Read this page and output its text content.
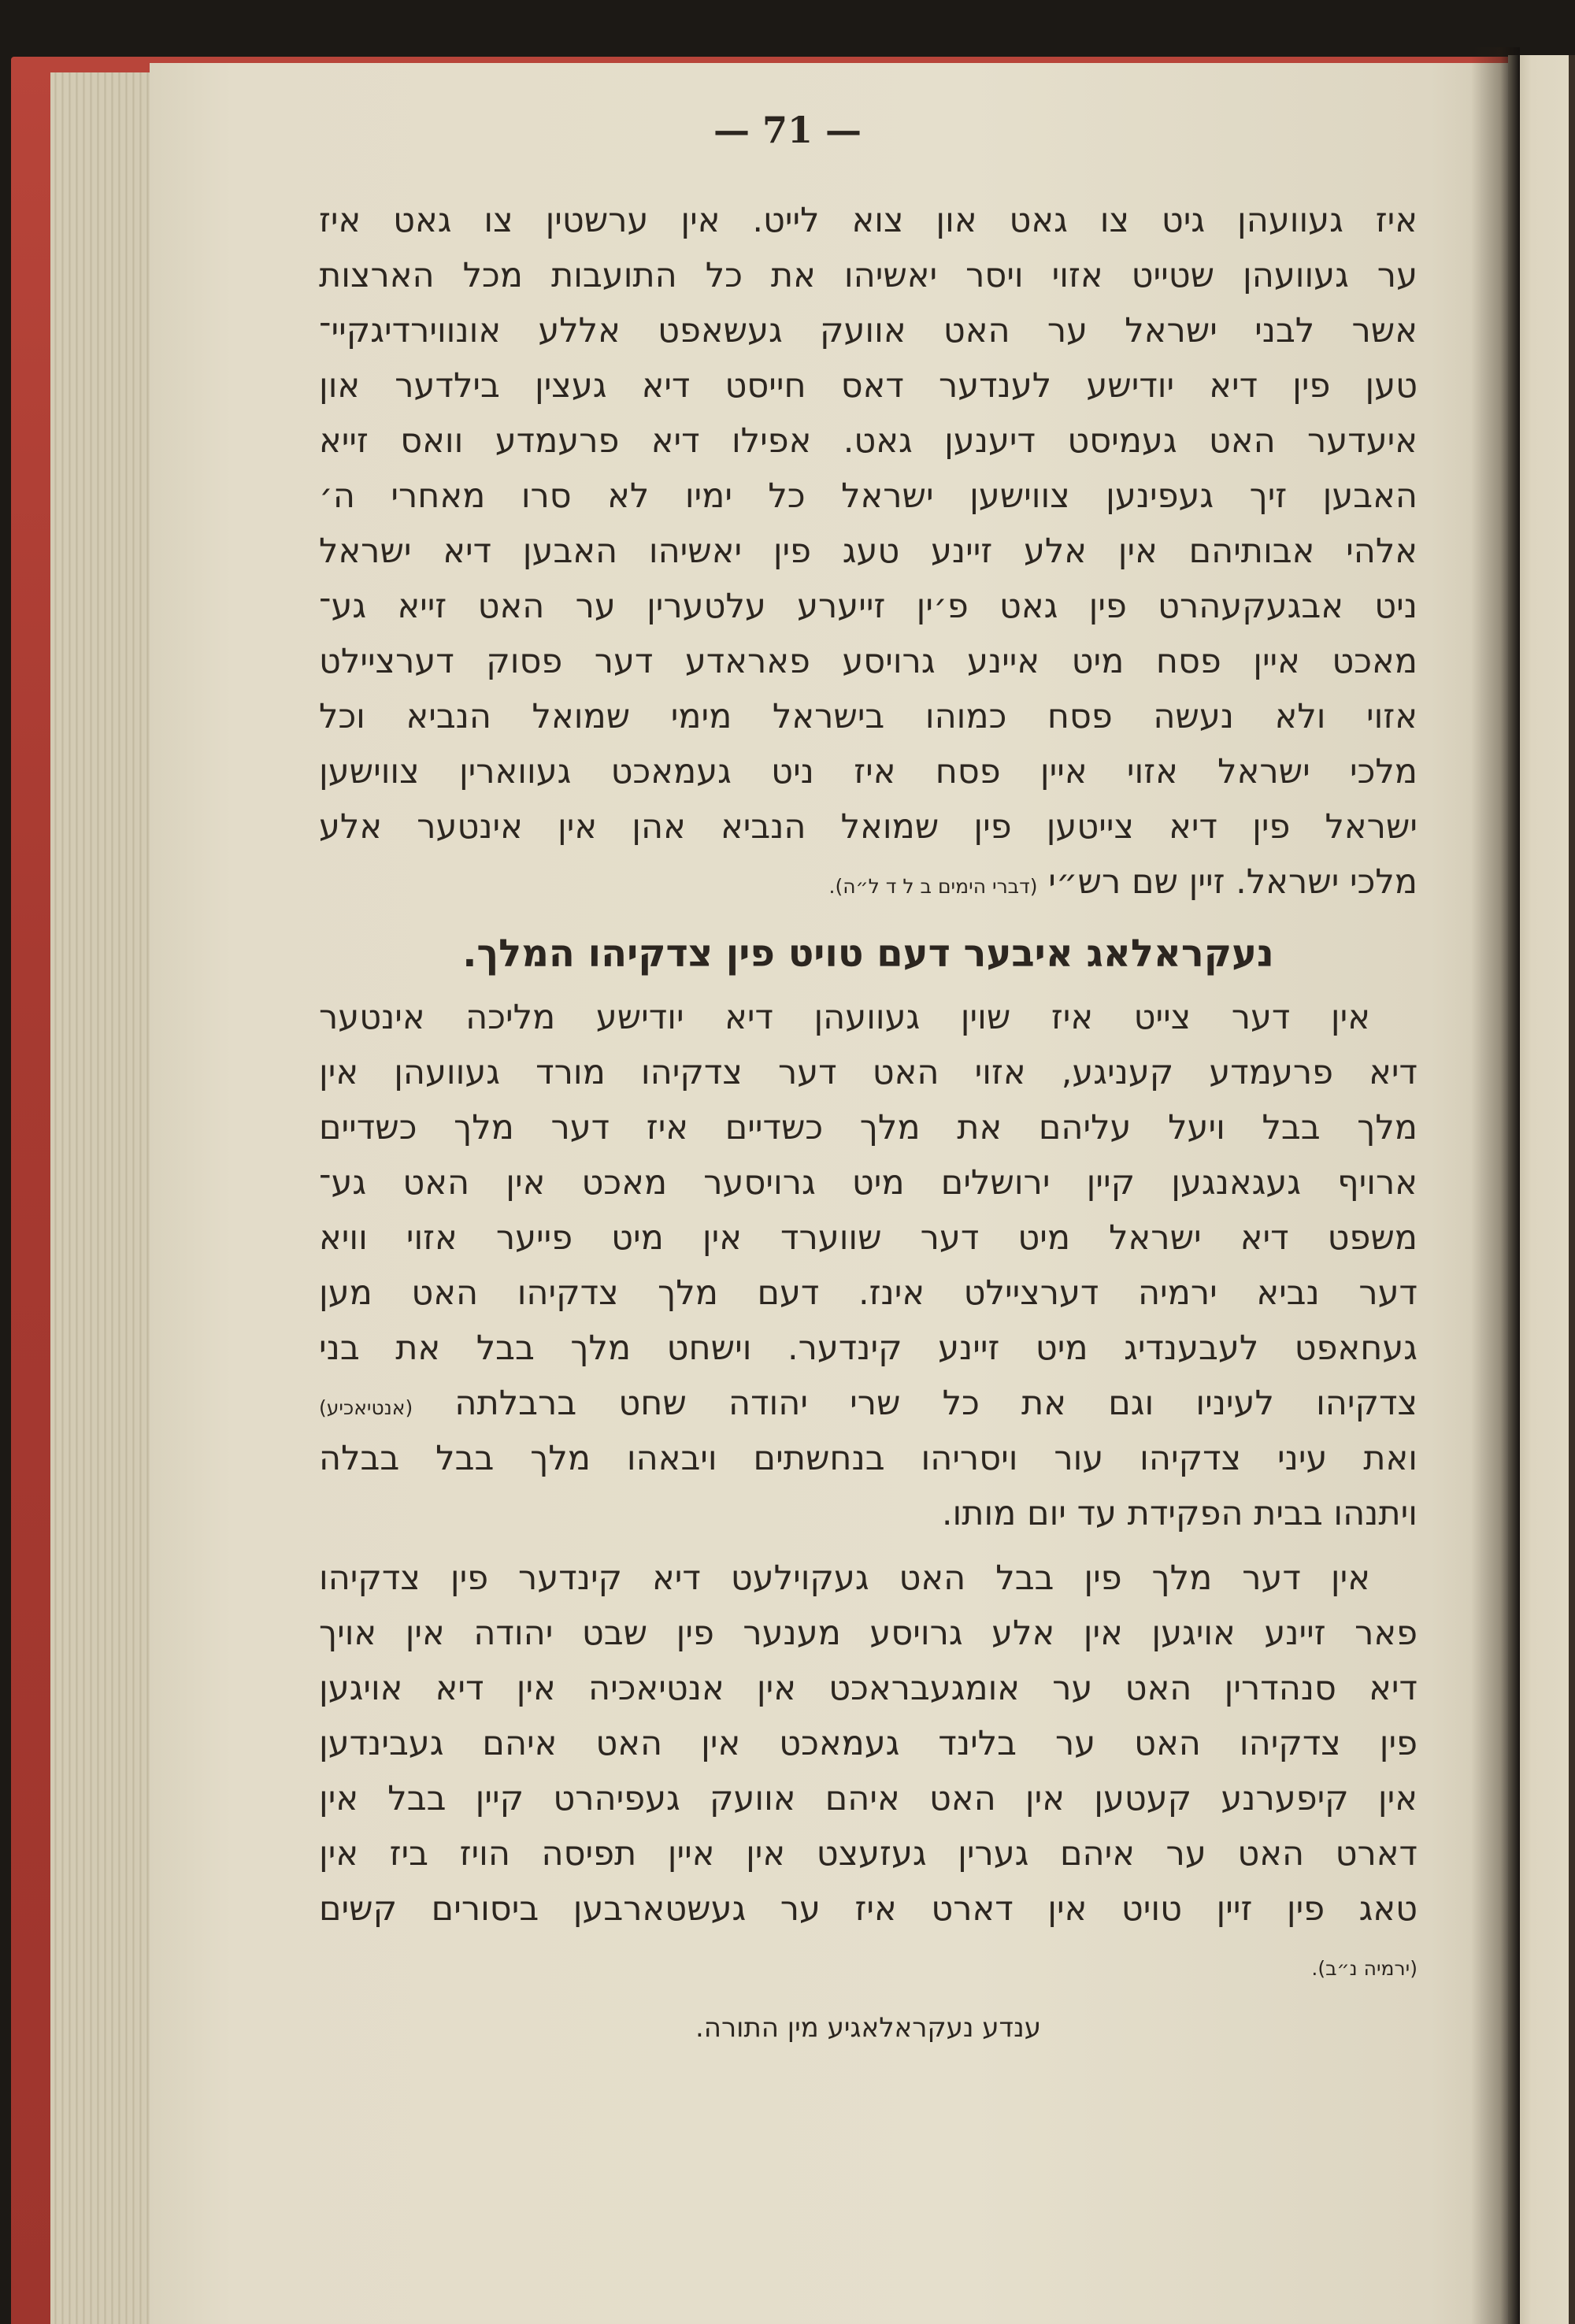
— 71 —
איז געוועהן גיט צו גאט און צוא לייט. אין ערשטין צו גאט איז
ער געוועהן שטייט אזוי ויסר יאשיהו את כל התועבות מכל הארצות
אשר לבני ישראל ער האט אוועק געשאפט אללע אונווירדיגקיי־
טען פין דיא יודישע לענדער דאס חייסט דיא געצין בילדער און
איעדער האט געמיסט דיענען גאט. אפילו דיא פרעמדע וואס זייא
האבען זיך געפינען צווישען ישראל כל ימיו לא סרו מאחרי ה׳
אלהי אבותיהם אין אלע זיינע טעג פין יאשיהו האבען דיא ישראל
ניט אבגעקעהרט פין גאט פ׳ין זייערע עלטערין ער האט זייא גע־
מאכט איין פסח מיט איינע גרויסע פאראדע דער פסוק דערציילט
אזוי ולא נעשה פסח כמוהו בישראל מימי שמואל הנביא וכל
מלכי ישראל אזוי איין פסח איז ניט געמאכט געווארין צווישען
ישראל פין דיא צייטען פין שמואל הנביא אהן אין אינטער אלע
מלכי ישראל. זיין שם רש״י (דברי הימים ב ל ד ל״ה).
נעקראלאג איבער דעם טויט פין צדקיהו המלך.
אין דער צייט איז שוין געוועהן דיא יודישע מליכה אינטער
דיא פרעמדע קעניגע, אזוי האט דער צדקיהו מורד געוועהן אין
מלך בבל ויעל עליהם את מלך כשדיים איז דער מלך כשדיים
ארויף געגאנגען קיין ירושלים מיט גרויסער מאכט אין האט גע־
משפט דיא ישראל מיט דער שווערד אין מיט פייער אזוי וויא
דער נביא ירמיה דערציילט אינז. דעם מלך צדקיהו האט מען
געחאפט לעבענדיג מיט זיינע קינדער. וישחט מלך בבל את בני
צדקיהו לעיניו וגם את כל שרי יהודה שחט ברבלתה (אנטיאכיע)
ואת עיני צדקיהו עור ויסריהו בנחשתים ויבאהו מלך בבל בבלה
ויתנהו בבית הפקידת עד יום מותו.
אין דער מלך פין בבל האט געקוילעט דיא קינדער פין צדקיהו
פאר זיינע אויגען אין אלע גרויסע מענער פין שבט יהודה אין אויך
דיא סנהדרין האט ער אומגעבראכט אין אנטיאכיה אין דיא אויגען
פין צדקיהו האט ער בלינד געמאכט אין האט איהם געבינדען
אין קיפערנע קעטען אין האט איהם אוועק געפיהרט קיין בבל אין
דארט האט ער איהם גערין געזעצט אין איין תפיסה הויז ביז אין
טאג פין זיין טויט אין דארט איז ער געשטארבען ביסורים קשים
(ירמיה נ״ב).
ענדע נעקראלאגיע מין התורה.
